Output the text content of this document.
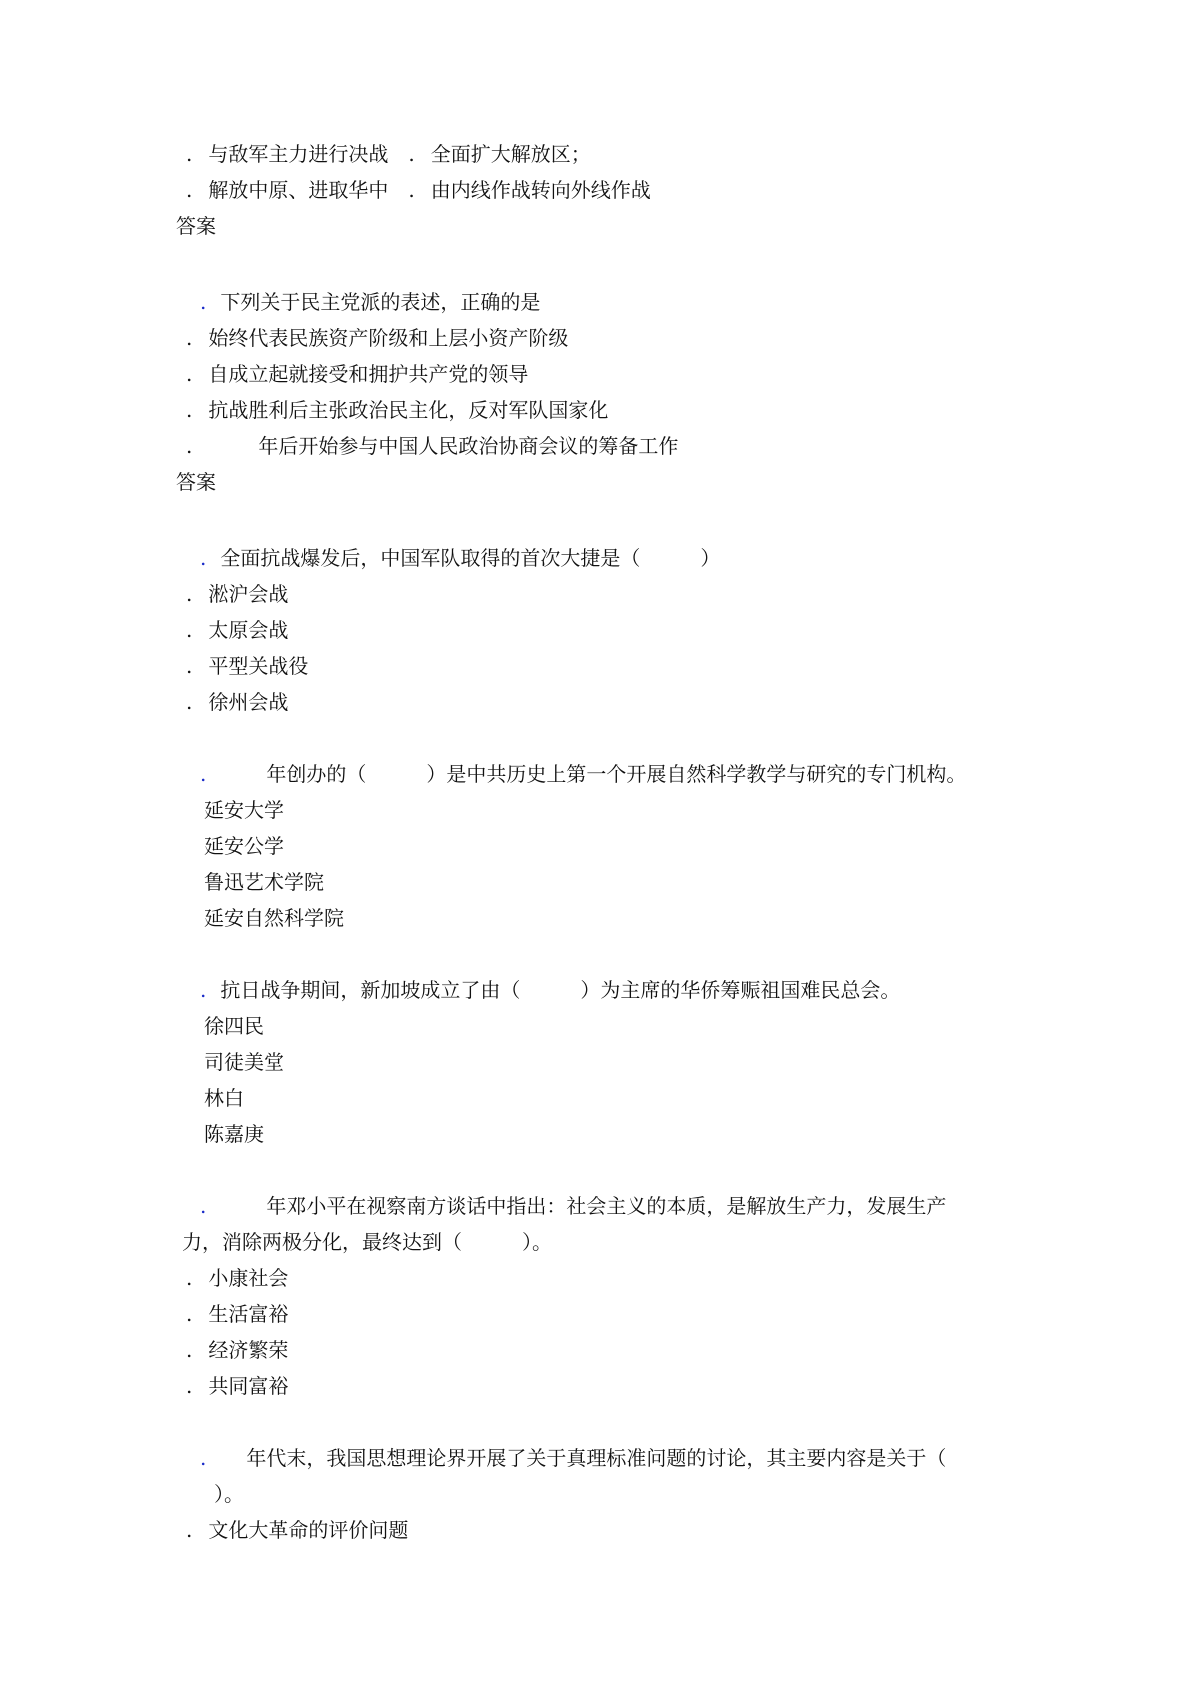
. 与敌军主力进行决战 . 全面扩大解放区；
. 解放中原、进取华中 . 由内线作战转向外线作战
答案
. 下列关于民主党派的表述，正确的是
. 始终代表民族资产阶级和上层小资产阶级
. 自成立起就接受和拥护共产党的领导
. 抗战胜利后主张政治民主化，反对军队国家化
.	年后开始参与中国人民政治协商会议的筹备工作
答案
. 全面抗战爆发后，中国军队取得的首次大捷是（　　　）
. 淞沪会战
. 太原会战
. 平型关战役
. 徐州会战
.	年创办的（　　　）是中共历史上第一个开展自然科学教学与研究的专门机构。
延安大学
延安公学
鲁迅艺术学院
延安自然科学院
. 抗日战争期间，新加坡成立了由（　　　）为主席的华侨筹赈祖国难民总会。
徐四民
司徒美堂
林白
陈嘉庚
.	年邓小平在视察南方谈话中指出：社会主义的本质，是解放生产力，发展生产
力，消除两极分化，最终达到（　　　）。
. 小康社会
. 生活富裕
. 经济繁荣
. 共同富裕
. 年代末，我国思想理论界开展了关于真理标准问题的讨论，其主要内容是关于（
）。
. 文化大革命的评价问题
